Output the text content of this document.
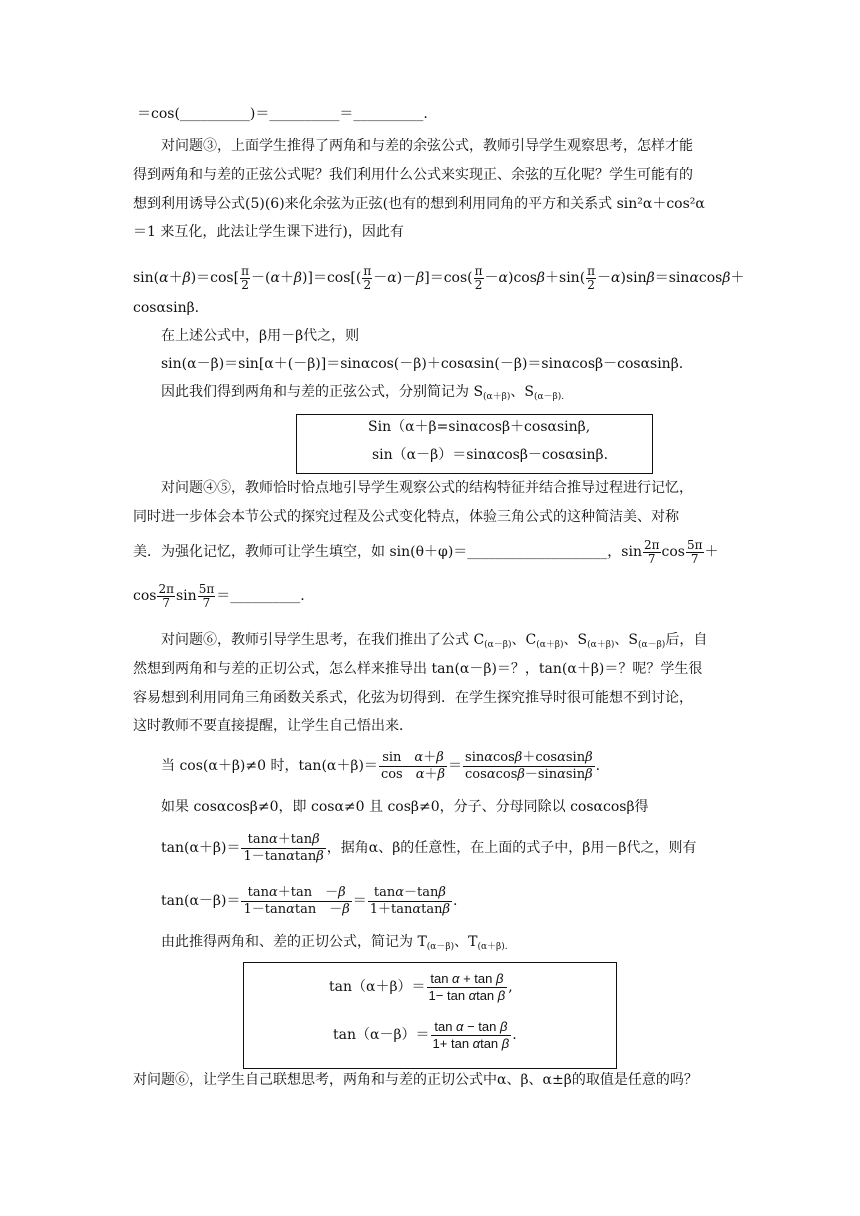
＝cos(__________)＝__________＝__________.
对问题③，上面学生推得了两角和与差的余弦公式，教师引导学生观察思考，怎样才能
得到两角和与差的正弦公式呢？我们利用什么公式来实现正、余弦的互化呢？学生可能有的
想到利用诱导公式(5)(6)来化余弦为正弦(也有的想到利用同角的平方和关系式 sin²α＋cos²α
＝1 来互化，此法让学生课下进行)，因此有
$\sin(\alpha+\beta)=\cos[ \frac{\pi}{2} -(\alpha+\beta)]=\cos[( \frac{\pi}{2} -\alpha)-\beta]=\cos( \frac{\pi}{2} -\alpha)\cos\beta+\sin( \frac{\pi}{2} -\alpha)\sin\beta=\sin\alpha\cos\beta+$
cosαsinβ.
在上述公式中，β用－β代之，则
sin(α－β)＝sin[α＋(－β)]＝sinαcos(－β)＋cosαsin(－β)＝sinαcosβ－cosαsinβ.
因此我们得到两角和与差的正弦公式，分别简记为 $S_{(\alpha+\beta)}$、$S_{(\alpha-\beta).}$
Sin（α＋β=sinαcosβ＋cosαsinβ,
sin（α－β）＝sinαcosβ－cosαsinβ.
对问题④⑤，教师恰时恰点地引导学生观察公式的结构特征并结合推导过程进行记忆，
同时进一步体会本节公式的探究过程及公式变化特点，体验三角公式的这种简洁美、对称
美．为强化记忆，教师可让学生填空，如 sin(θ＋φ)＝____________________，$\sin \frac{2\pi}{7}$ $\cos \frac{5\pi}{7}$ ＋
$\cos \frac{2\pi}{7}$ $\sin \frac{5\pi}{7}$ ＝__________.
对问题⑥，教师引导学生思考，在我们推出了公式 $C_{(\alpha-\beta)}$、$C_{(\alpha+\beta)}$、$S_{(\alpha+\beta)}$、$S_{(\alpha-\beta)}$后，自
然想到两角和与差的正切公式，怎么样来推导出 tan(α－β)＝？，tan(α＋β)＝？呢？学生很
容易想到利用同角三角函数关系式，化弦为切得到．在学生探究推导时很可能想不到讨论，
这时教师不要直接提醒，让学生自己悟出来．
当 cos(α＋β)≠0 时，$\tan(\alpha+\beta)= \frac{\text{sin　α＋β}}{\text{cos　α＋β}} = \frac{\sin\alpha\cos\beta+\cos\alpha\sin\beta}{\cos\alpha\cos\beta-\sin\alpha\sin\beta}$ .
如果 cosαcosβ≠0，即 cosα≠0 且 cosβ≠0，分子、分母同除以 cosαcosβ得
$\tan(\alpha+\beta)= \frac{\tan\alpha+\tan\beta}{1-\tan\alpha\tan\beta}$ ，据角α、β的任意性，在上面的式子中，β用－β代之，则有
$\tan(\alpha-\beta)= \frac{\tan\alpha+\tan -\beta}{1-\tan\alpha\tan -\beta} = \frac{\tan\alpha-\tan\beta}{1+\tan\alpha\tan\beta}$ .
由此推得两角和、差的正切公式，简记为 $T_{(\alpha-\beta)}$、$T_{(\alpha+\beta).}$
$\tan(\alpha+\beta)= \frac{\text{tan α + tan β}}{\text{1− tan αtan β}}$ ,
$\tan(\alpha-\beta)= \frac{\text{tan α − tan β}}{\text{1+ tan αtan β}}$ .
对问题⑥，让学生自己联想思考，两角和与差的正切公式中α、β、α±β的取值是任意的吗？
